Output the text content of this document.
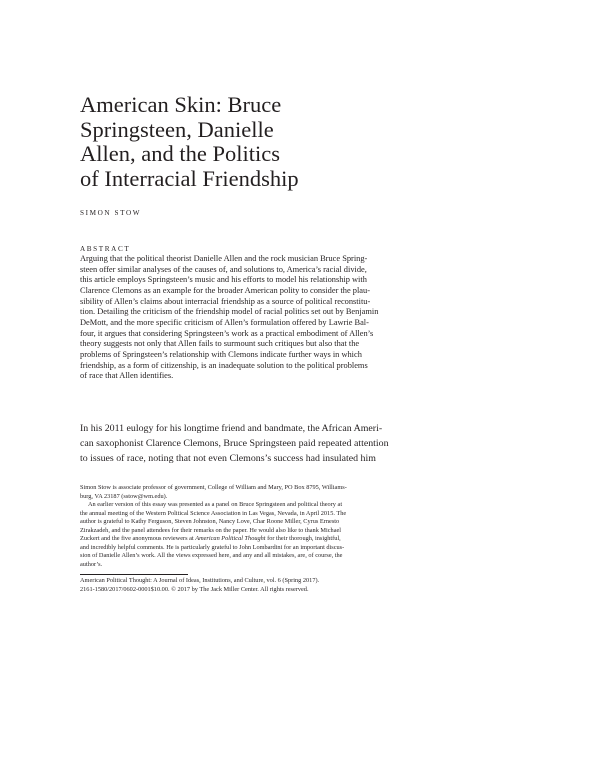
American Skin: Bruce
Springsteen, Danielle
Allen, and the Politics
of Interracial Friendship
SIMON STOW
ABSTRACT
Arguing that the political theorist Danielle Allen and the rock musician Bruce Spring-
steen offer similar analyses of the causes of, and solutions to, America’s racial divide,
this article employs Springsteen’s music and his efforts to model his relationship with
Clarence Clemons as an example for the broader American polity to consider the plau-
sibility of Allen’s claims about interracial friendship as a source of political reconstitu-
tion. Detailing the criticism of the friendship model of racial politics set out by Benjamin
DeMott, and the more specific criticism of Allen’s formulation offered by Lawrie Bal-
four, it argues that considering Springsteen’s work as a practical embodiment of Allen’s
theory suggests not only that Allen fails to surmount such critiques but also that the
problems of Springsteen’s relationship with Clemons indicate further ways in which
friendship, as a form of citizenship, is an inadequate solution to the political problems
of race that Allen identifies.
In his 2011 eulogy for his longtime friend and bandmate, the African Ameri-
can saxophonist Clarence Clemons, Bruce Springsteen paid repeated attention
to issues of race, noting that not even Clemons’s success had insulated him
Simon Stow is associate professor of government, College of William and Mary, PO Box 8795, Williams-
burg, VA 23187 (sstow@wm.edu).
An earlier version of this essay was presented as a panel on Bruce Springsteen and political theory at
the annual meeting of the Western Political Science Association in Las Vegas, Nevada, in April 2015. The
author is grateful to Kathy Ferguson, Steven Johnston, Nancy Love, Char Roone Miller, Cyrus Ernesto
Zirakzadeh, and the panel attendees for their remarks on the paper. He would also like to thank Michael
Zuckert and the five anonymous reviewers at American Political Thought for their thorough, insightful,
and incredibly helpful comments. He is particularly grateful to John Lombardini for an important discus-
sion of Danielle Allen’s work. All the views expressed here, and any and all mistakes, are, of course, the
author’s.
American Political Thought: A Journal of Ideas, Institutions, and Culture, vol. 6 (Spring 2017).
2161-1580/2017/0602-0001$10.00. © 2017 by The Jack Miller Center. All rights reserved.
